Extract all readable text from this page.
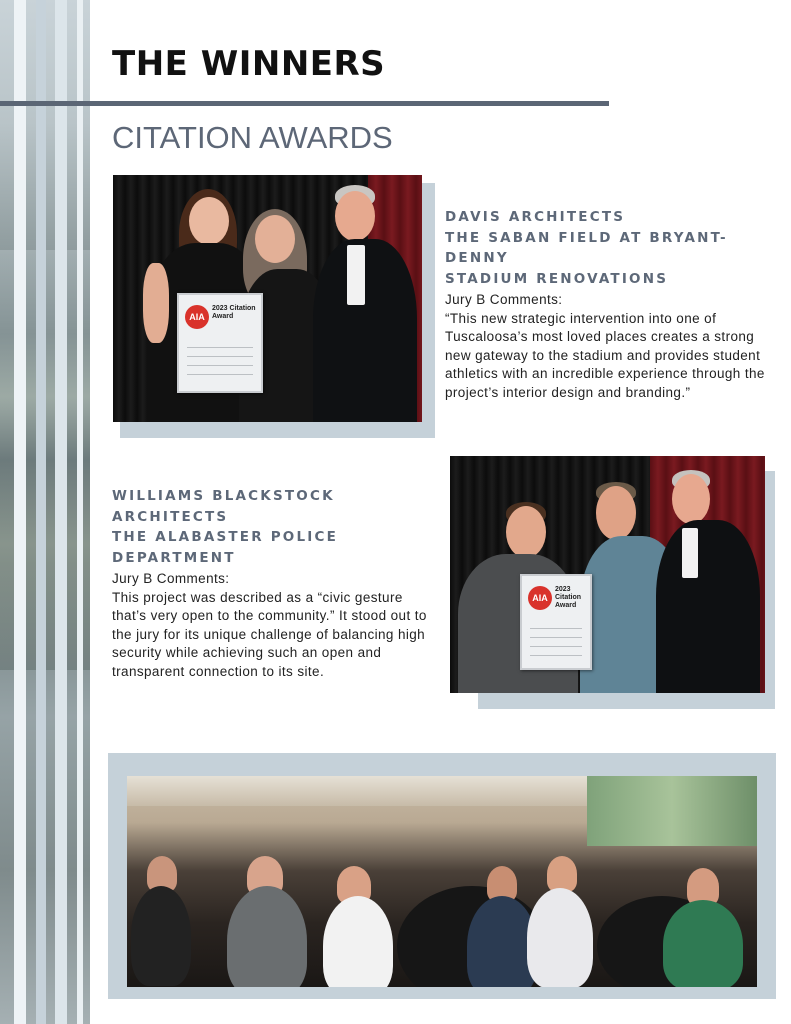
THE WINNERS
CITATION AWARDS
AIA
2023 Citation Award

DAVIS ARCHITECTS

THE SABAN FIELD AT BRYANT-DENNY

STADIUM RENOVATIONS

Jury B Comments:

“This new strategic intervention into one of Tuscaloosa’s most loved places creates a strong new gateway to the stadium and provides student athletics with an incredible experience through the project’s interior design and branding.”

WILLIAMS BLACKSTOCK ARCHITECTS

THE ALABASTER POLICE DEPARTMENT

Jury B Comments:

This project was described as a “civic gesture that’s very open to the community.” It stood out to the jury for its unique challenge of balancing high security while achieving such an open and transparent connection to its site.

AIA
2023 Citation Award
